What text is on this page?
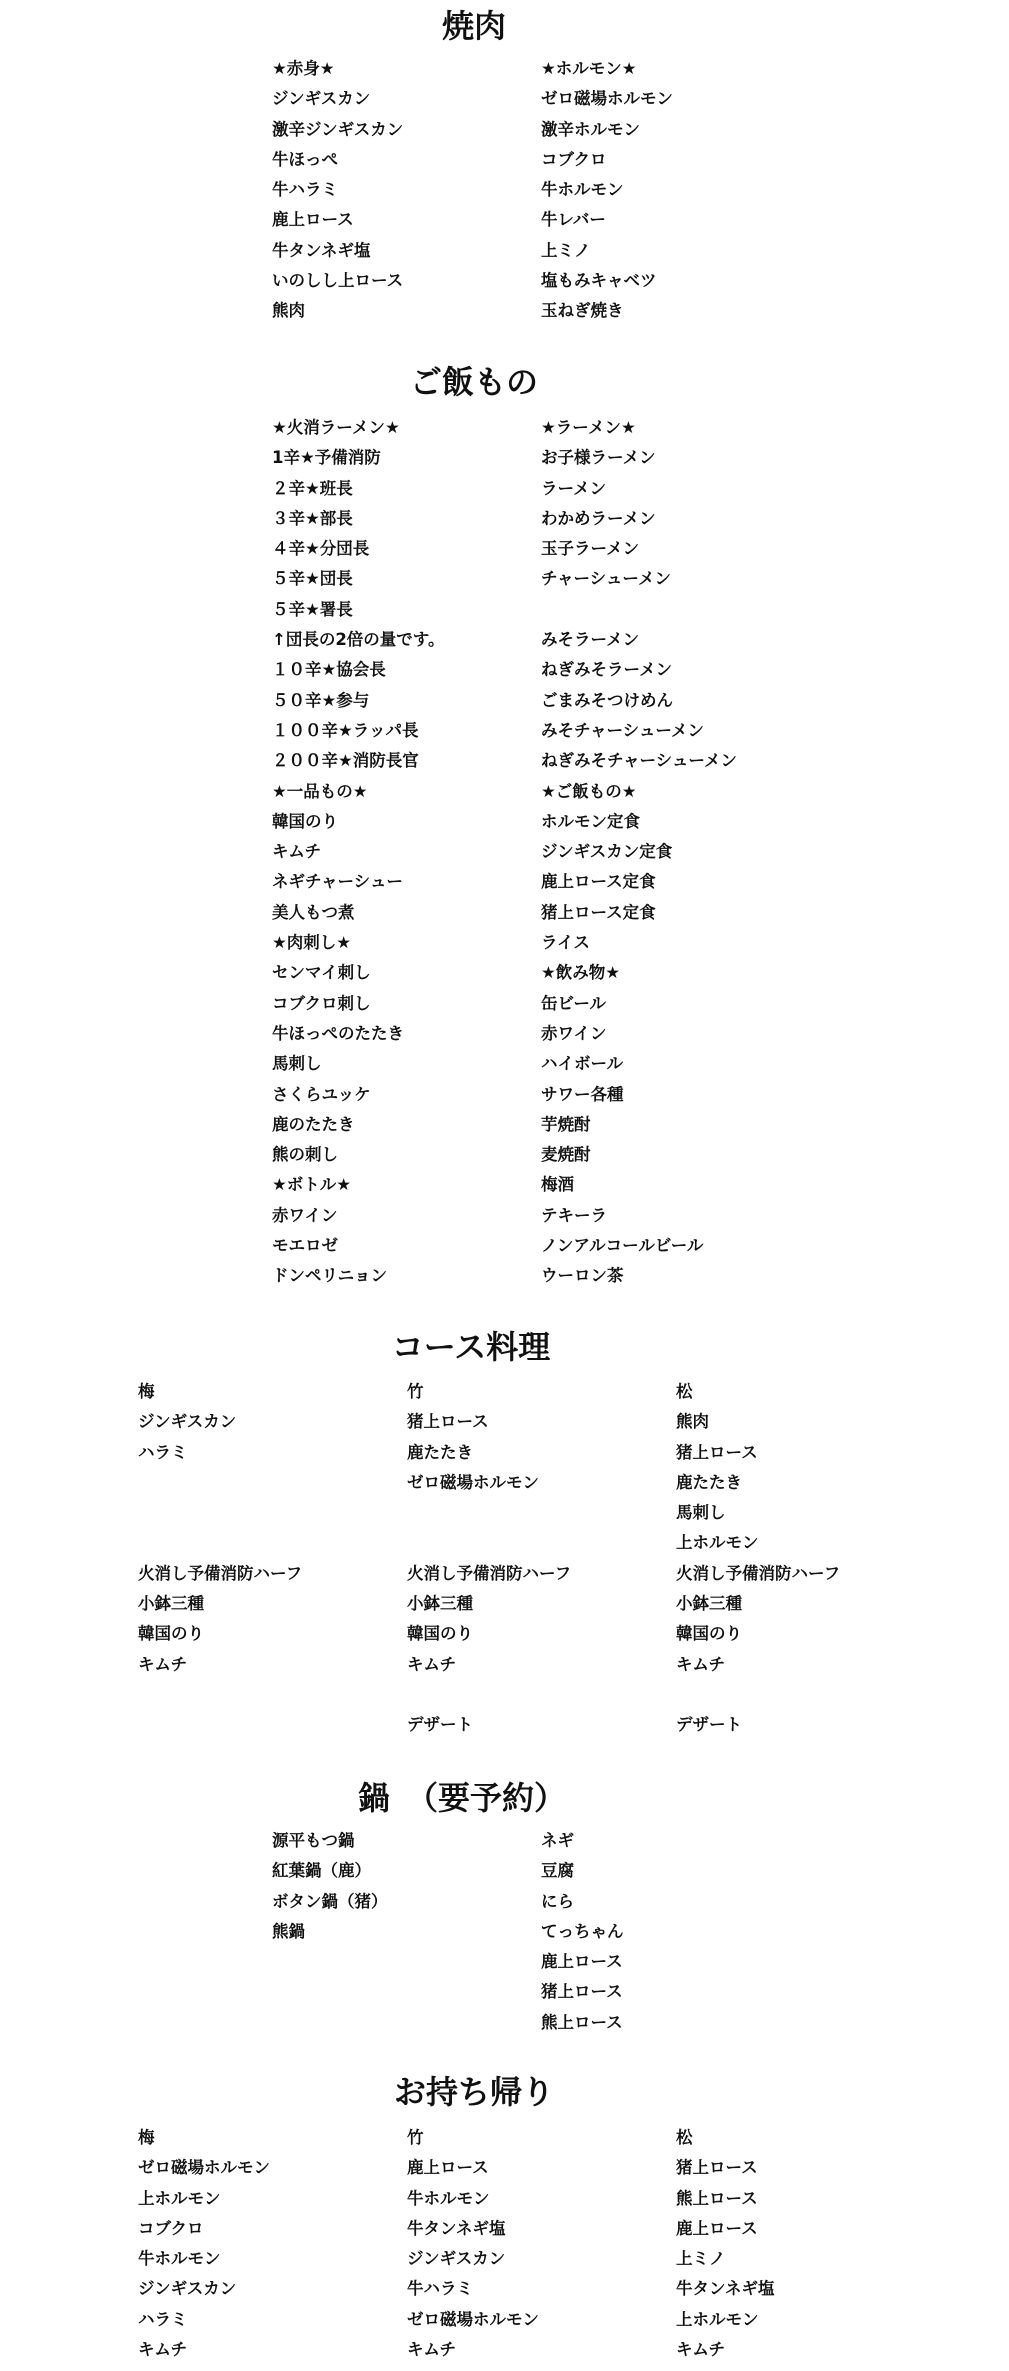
焼肉
★赤身★
ジンギスカン
激辛ジンギスカン
牛ほっぺ
牛ハラミ
鹿上ロース
牛タンネギ塩
いのしし上ロース
熊肉
★ホルモン★
ゼロ磁場ホルモン
激辛ホルモン
コブクロ
牛ホルモン
牛レバー
上ミノ
塩もみキャベツ
玉ねぎ焼き
ご飯もの
★火消ラーメン★
1辛★予備消防
２辛★班長
３辛★部長
４辛★分団長
５辛★団長
５辛★署長
↑団長の2倍の量です。
１０辛★協会長
５０辛★参与
１００辛★ラッパ長
２００辛★消防長官
★一品もの★
韓国のり
キムチ
ネギチャーシュー
美人もつ煮
★肉刺し★
センマイ刺し
コブクロ刺し
牛ほっぺのたたき
馬刺し
さくらユッケ
鹿のたたき
熊の刺し
★ボトル★
赤ワイン
モエロゼ
ドンペリニョン
★ラーメン★
お子様ラーメン
ラーメン
わかめラーメン
玉子ラーメン
チャーシューメン
みそラーメン
ねぎみそラーメン
ごまみそつけめん
みそチャーシューメン
ねぎみそチャーシューメン
★ご飯もの★
ホルモン定食
ジンギスカン定食
鹿上ロース定食
猪上ロース定食
ライス
★飲み物★
缶ビール
赤ワイン
ハイボール
サワー各種
芋焼酎
麦焼酎
梅酒
テキーラ
ノンアルコールビール
ウーロン茶
コース料理
梅
ジンギスカン
ハラミ
火消し予備消防ハーフ
小鉢三種
韓国のり
キムチ
竹
猪上ロース
鹿たたき
ゼロ磁場ホルモン
火消し予備消防ハーフ
小鉢三種
韓国のり
キムチ
デザート
松
熊肉
猪上ロース
鹿たたき
馬刺し
上ホルモン
火消し予備消防ハーフ
小鉢三種
韓国のり
キムチ
デザート
鍋　（要予約）
源平もつ鍋
紅葉鍋（鹿）
ボタン鍋（猪）
熊鍋
ネギ
豆腐
にら
てっちゃん
鹿上ロース
猪上ロース
熊上ロース
お持ち帰り
梅
ゼロ磁場ホルモン
上ホルモン
コブクロ
牛ホルモン
ジンギスカン
ハラミ
キムチ
竹
鹿上ロース
牛ホルモン
牛タンネギ塩
ジンギスカン
牛ハラミ
ゼロ磁場ホルモン
キムチ
松
猪上ロース
熊上ロース
鹿上ロース
上ミノ
牛タンネギ塩
上ホルモン
キムチ
